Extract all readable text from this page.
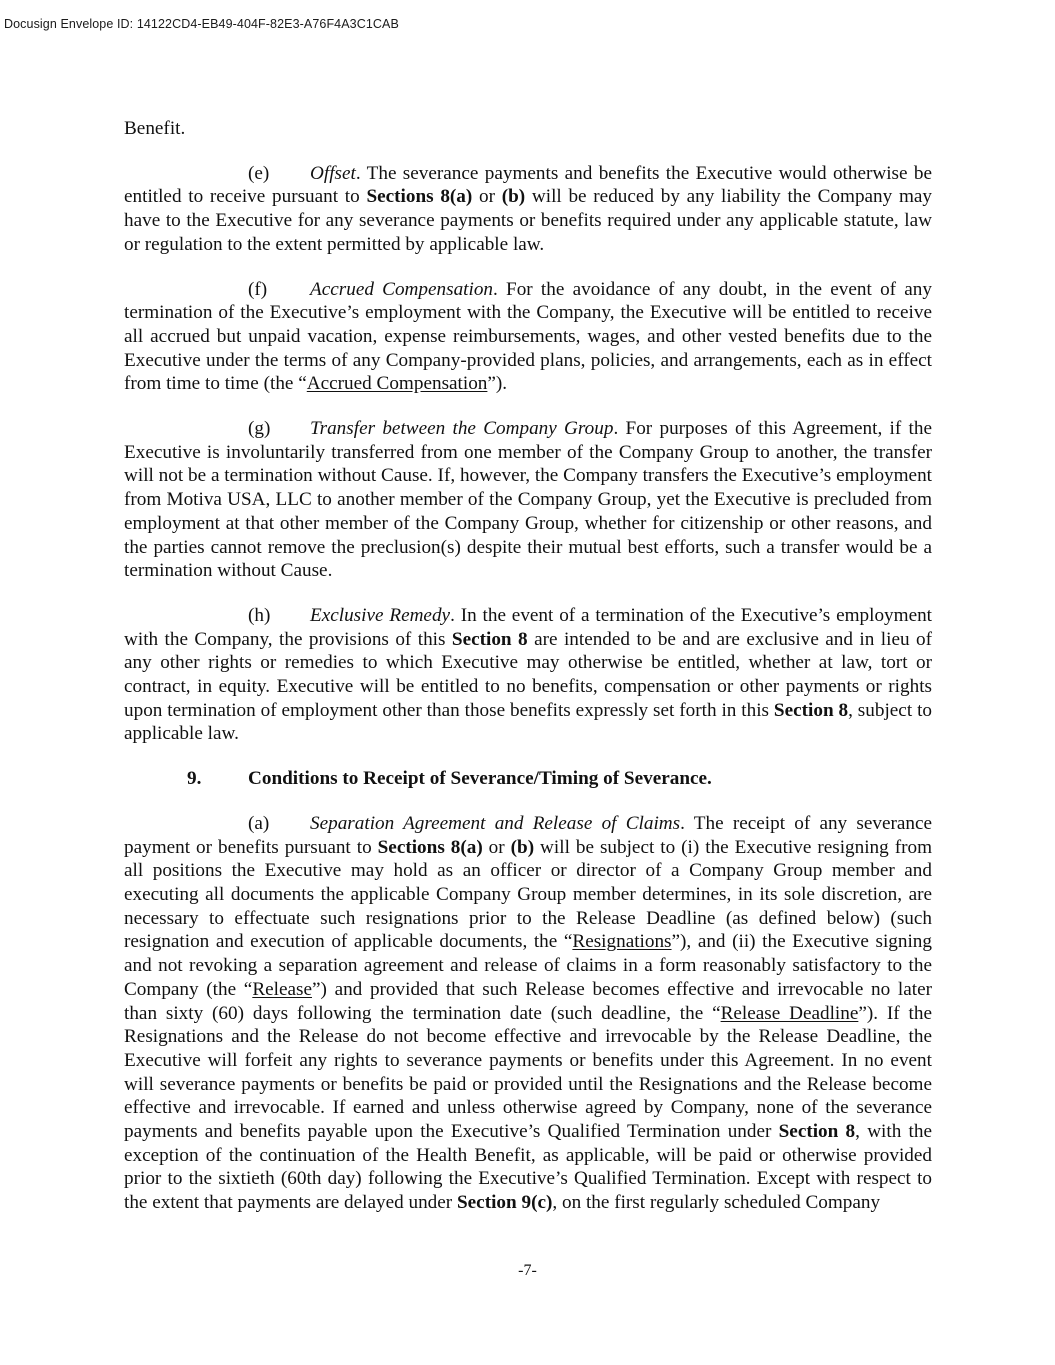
Docusign Envelope ID: 14122CD4-EB49-404F-82E3-A76F4A3C1CAB

Benefit.

(e) Offset. The severance payments and benefits the Executive would otherwise be entitled to receive pursuant to Sections 8(a) or (b) will be reduced by any liability the Company may have to the Executive for any severance payments or benefits required under any applicable statute, law or regulation to the extent permitted by applicable law.

(f) Accrued Compensation. For the avoidance of any doubt, in the event of any termination of the Executive’s employment with the Company, the Executive will be entitled to receive all accrued but unpaid vacation, expense reimbursements, wages, and other vested benefits due to the Executive under the terms of any Company-provided plans, policies, and arrangements, each as in effect from time to time (the “Accrued Compensation”).

(g) Transfer between the Company Group. For purposes of this Agreement, if the Executive is involuntarily transferred from one member of the Company Group to another, the transfer will not be a termination without Cause. If, however, the Company transfers the Executive’s employment from Motiva USA, LLC to another member of the Company Group, yet the Executive is precluded from employment at that other member of the Company Group, whether for citizenship or other reasons, and the parties cannot remove the preclusion(s) despite their mutual best efforts, such a transfer would be a termination without Cause.

(h) Exclusive Remedy. In the event of a termination of the Executive’s employment with the Company, the provisions of this Section 8 are intended to be and are exclusive and in lieu of any other rights or remedies to which Executive may otherwise be entitled, whether at law, tort or contract, in equity. Executive will be entitled to no benefits, compensation or other payments or rights upon termination of employment other than those benefits expressly set forth in this Section 8, subject to applicable law.

9. Conditions to Receipt of Severance/Timing of Severance.

(a) Separation Agreement and Release of Claims. The receipt of any severance payment or benefits pursuant to Sections 8(a) or (b) will be subject to (i) the Executive resigning from all positions the Executive may hold as an officer or director of a Company Group member and executing all documents the applicable Company Group member determines, in its sole discretion, are necessary to effectuate such resignations prior to the Release Deadline (as defined below) (such resignation and execution of applicable documents, the “Resignations”), and (ii) the Executive signing and not revoking a separation agreement and release of claims in a form reasonably satisfactory to the Company (the “Release”) and provided that such Release becomes effective and irrevocable no later than sixty (60) days following the termination date (such deadline, the “Release Deadline”). If the Resignations and the Release do not become effective and irrevocable by the Release Deadline, the Executive will forfeit any rights to severance payments or benefits under this Agreement. In no event will severance payments or benefits be paid or provided until the Resignations and the Release become effective and irrevocable. If earned and unless otherwise agreed by Company, none of the severance payments and benefits payable upon the Executive’s Qualified Termination under Section 8, with the exception of the continuation of the Health Benefit, as applicable, will be paid or otherwise provided prior to the sixtieth (60th day) following the Executive’s Qualified Termination. Except with respect to the extent that payments are delayed under Section 9(c), on the first regularly scheduled Company

-7-
